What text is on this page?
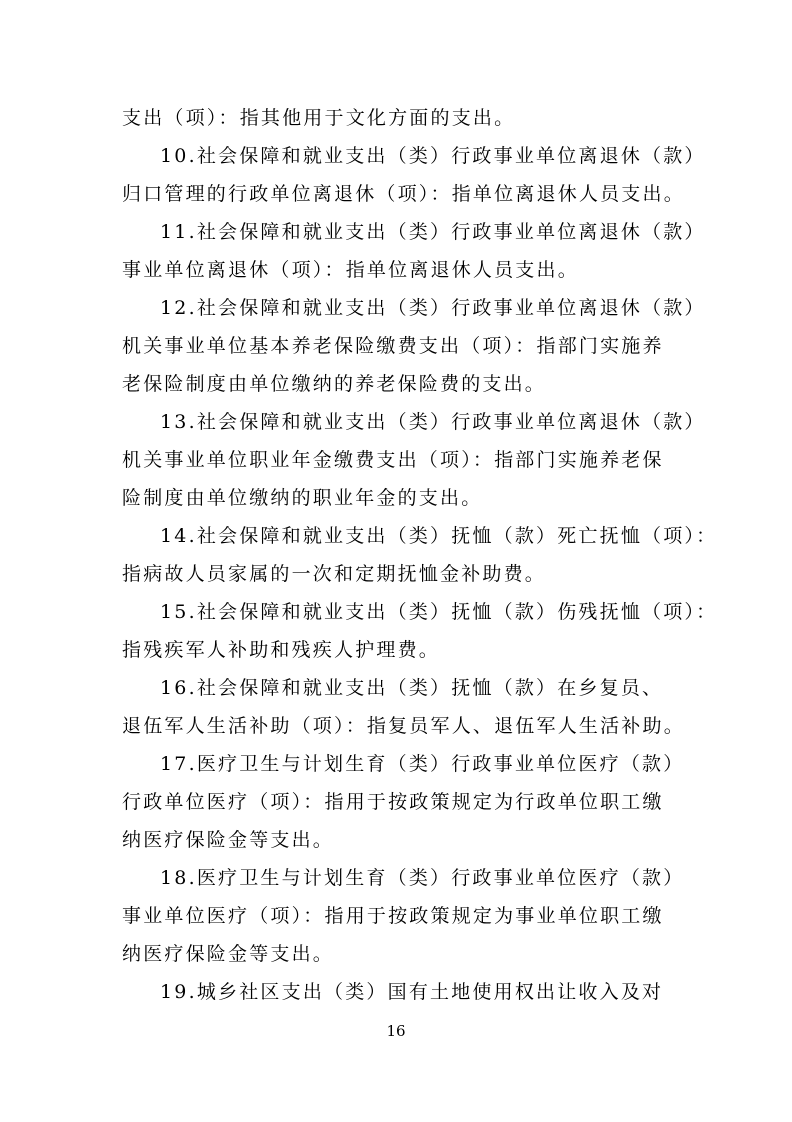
支出（项）：指其他用于文化方面的支出。
10.社会保障和就业支出（类）行政事业单位离退休（款）
归口管理的行政单位离退休（项）：指单位离退休人员支出。
11.社会保障和就业支出（类）行政事业单位离退休（款）
事业单位离退休（项）：指单位离退休人员支出。
12.社会保障和就业支出（类）行政事业单位离退休（款）
机关事业单位基本养老保险缴费支出（项）：指部门实施养
老保险制度由单位缴纳的养老保险费的支出。
13.社会保障和就业支出（类）行政事业单位离退休（款）
机关事业单位职业年金缴费支出（项）：指部门实施养老保
险制度由单位缴纳的职业年金的支出。
14.社会保障和就业支出（类）抚恤（款）死亡抚恤（项）：
指病故人员家属的一次和定期抚恤金补助费。
15.社会保障和就业支出（类）抚恤（款）伤残抚恤（项）：
指残疾军人补助和残疾人护理费。
16.社会保障和就业支出（类）抚恤（款）在乡复员、
退伍军人生活补助（项）：指复员军人、退伍军人生活补助。
17.医疗卫生与计划生育（类）行政事业单位医疗（款）
行政单位医疗（项）：指用于按政策规定为行政单位职工缴
纳医疗保险金等支出。
18.医疗卫生与计划生育（类）行政事业单位医疗（款）
事业单位医疗（项）：指用于按政策规定为事业单位职工缴
纳医疗保险金等支出。
19.城乡社区支出（类）国有土地使用权出让收入及对
16
